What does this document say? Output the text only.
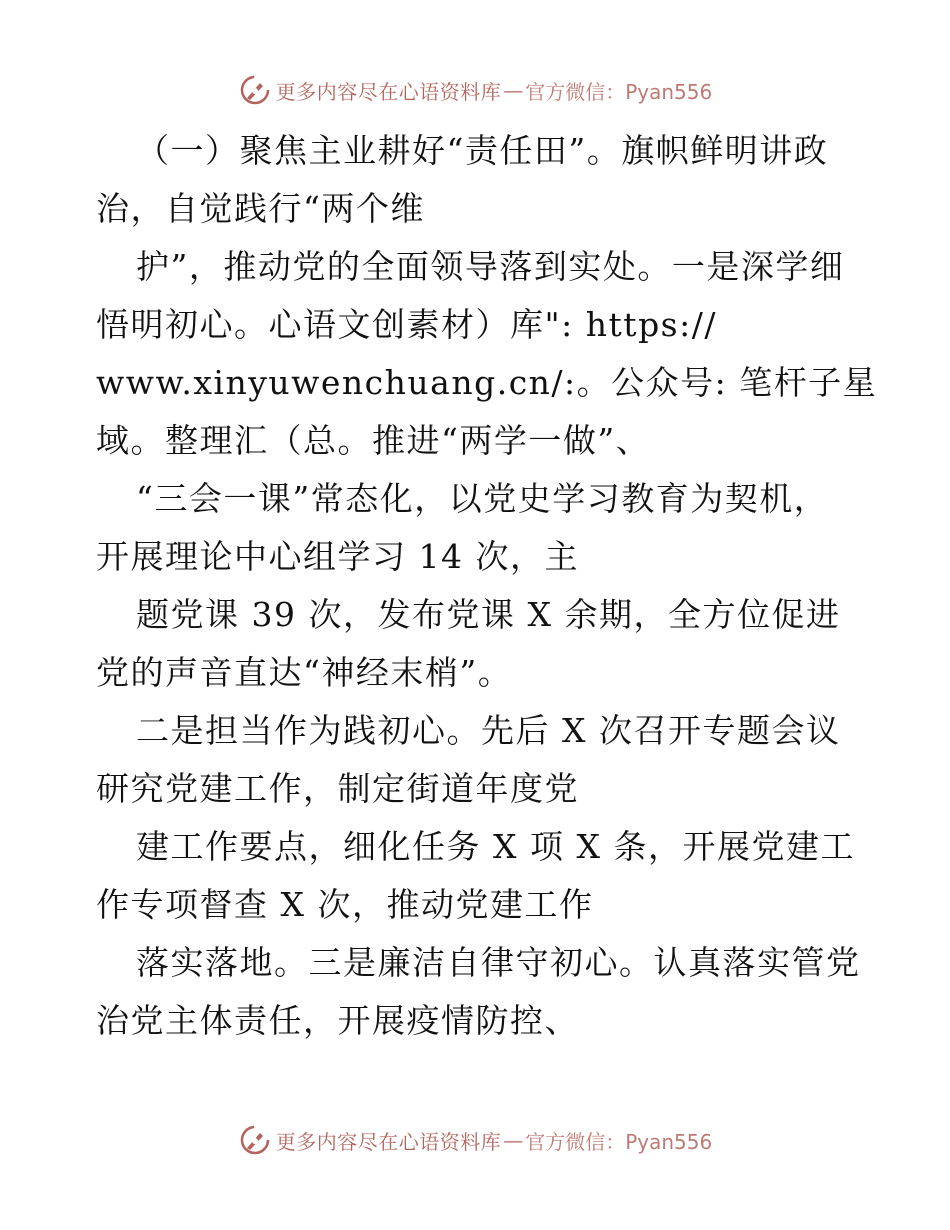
更多内容尽在心语资料库 — 官方微信：Pyan556
（一）聚焦主业耕好“责任田”。旗帜鲜明讲政
治，自觉践行“两个维
护”，推动党的全面领导落到实处。一是深学细
悟明初心。心语文创素材）库": https://
www.xinyuwenchuang.cn/:。公众号: 笔杆子星
域。整理汇（总。推进“两学一做”、
“三会一课”常态化，以党史学习教育为契机，
开展理论中心组学习 14 次，主
题党课 39 次，发布党课 X 余期，全方位促进
党的声音直达“神经末梢”。
二是担当作为践初心。先后 X 次召开专题会议
研究党建工作，制定街道年度党
建工作要点，细化任务 X 项 X 条，开展党建工
作专项督查 X 次，推动党建工作
落实落地。三是廉洁自律守初心。认真落实管党
治党主体责任，开展疫情防控、
更多内容尽在心语资料库 — 官方微信：Pyan556
